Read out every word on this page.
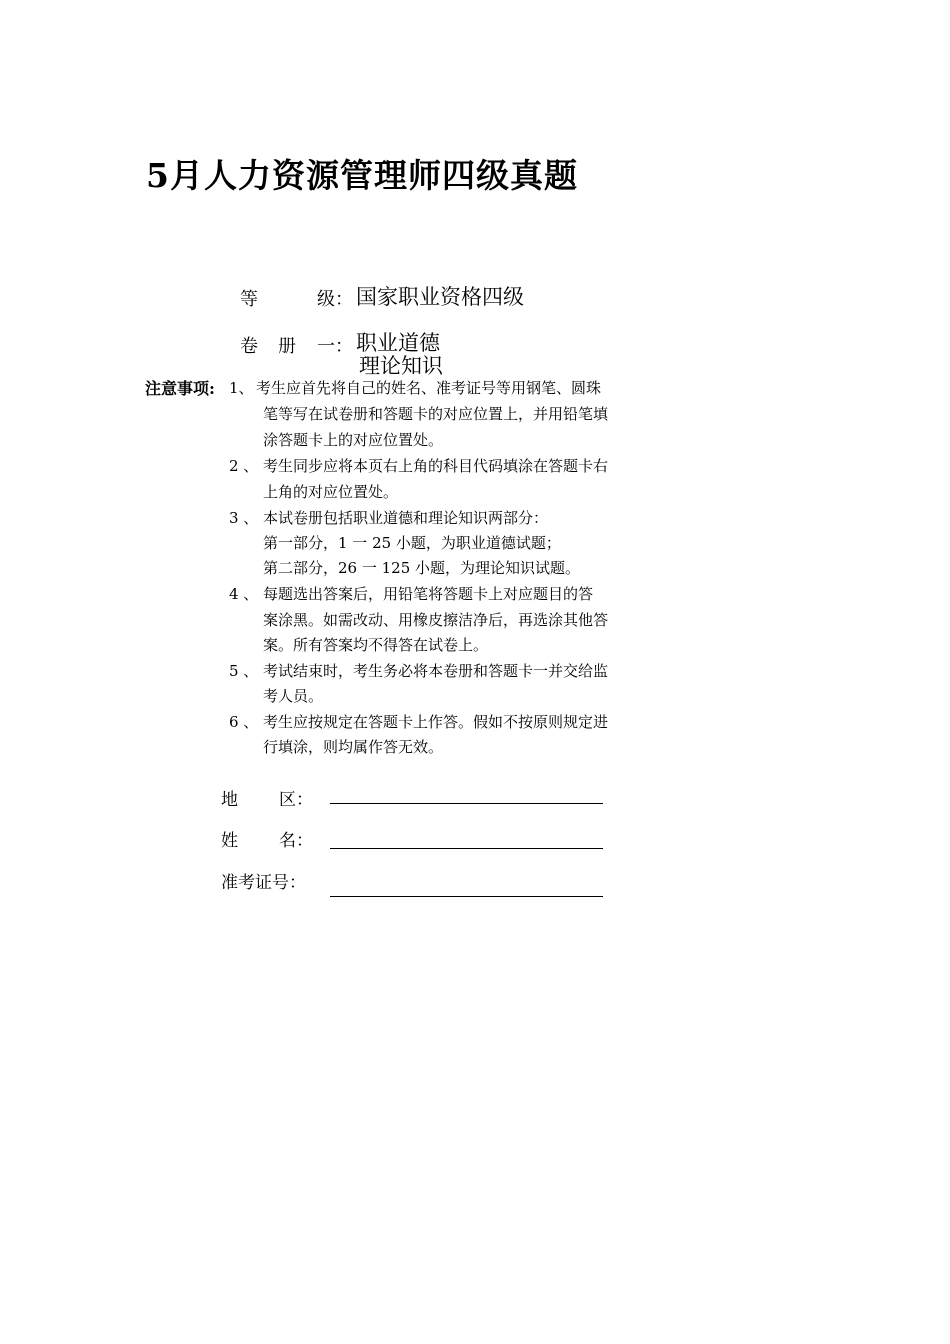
5月人力资源管理师四级真题
等	级： 国家职业资格四级
卷 册 一： 职业道德
理论知识
注意事项: 1、 考生应首先将自己的姓名、准考证号等用钢笔、圆珠
笔等写在试卷册和答题卡的对应位置上，并用铅笔填
涂答题卡上的对应位置处。
2 、 考生同步应将本页右上角的科目代码填涂在答题卡右
上角的对应位置处。
3 、 本试卷册包括职业道德和理论知识两部分：
第一部分，1 一 25 小题，为职业道德试题；
第二部分，26 一 125 小题，为理论知识试题。
4 、 每题选出答案后，用铅笔将答题卡上对应题目的答
案涂黑。如需改动、用橡皮擦洁净后，再选涂其他答
案。所有答案均不得答在试卷上。
5 、 考试结束时，考生务必将本卷册和答题卡一并交给监
考人员。
6 、 考生应按规定在答题卡上作答。假如不按原则规定进
行填涂，则均属作答无效。
地 区：
姓 名：
准考证号：
